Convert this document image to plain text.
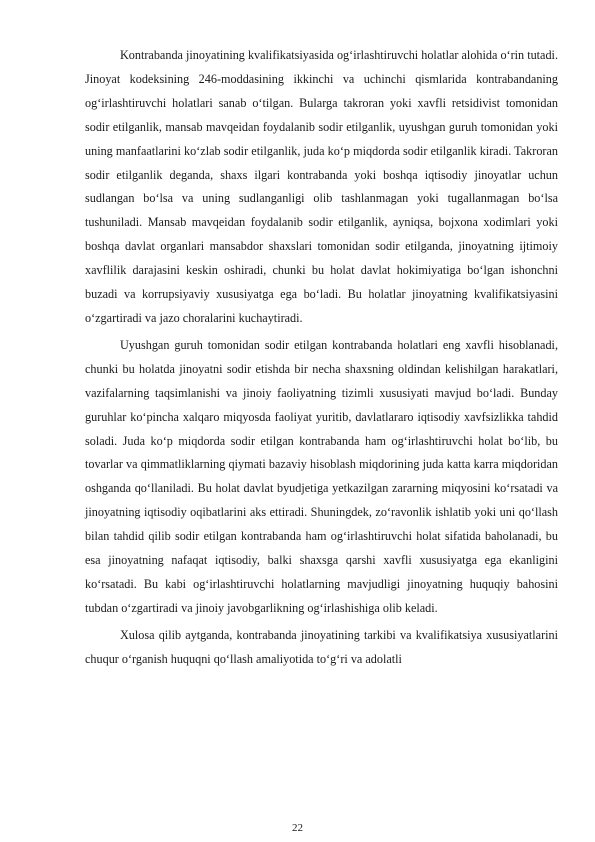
Kontrabanda jinoyatining kvalifikatsiyasida og‘irlashtiruvchi holatlar alohida o‘rin tutadi. Jinoyat kodeksining 246-moddasining ikkinchi va uchinchi qismlarida kontrabandaning og‘irlashtiruvchi holatlari sanab o‘tilgan. Bularga takroran yoki xavfli retsidivist tomonidan sodir etilganlik, mansab mavqeidan foydalanib sodir etilganlik, uyushgan guruh tomonidan yoki uning manfaatlarini ko‘zlab sodir etilganlik, juda ko‘p miqdorda sodir etilganlik kiradi. Takroran sodir etilganlik deganda, shaxs ilgari kontrabanda yoki boshqa iqtisodiy jinoyatlar uchun sudlangan bo‘lsa va uning sudlanganligi olib tashlanmagan yoki tugallanmagan bo‘lsa tushuniladi. Mansab mavqeidan foydalanib sodir etilganlik, ayniqsa, bojxona xodimlari yoki boshqa davlat organlari mansabdor shaxslari tomonidan sodir etilganda, jinoyatning ijtimoiy xavflilik darajasini keskin oshiradi, chunki bu holat davlat hokimiyatiga bo‘lgan ishonchni buzadi va korrupsiyaviy xususiyatga ega bo‘ladi. Bu holatlar jinoyatning kvalifikatsiyasini o‘zgartiradi va jazo choralarini kuchaytiradi.

Uyushgan guruh tomonidan sodir etilgan kontrabanda holatlari eng xavfli hisoblanadi, chunki bu holatda jinoyatni sodir etishda bir necha shaxsning oldindan kelishilgan harakatlari, vazifalarning taqsimlanishi va jinoiy faoliyatning tizimli xususiyati mavjud bo‘ladi. Bunday guruhlar ko‘pincha xalqaro miqyosda faoliyat yuritib, davlatlararo iqtisodiy xavfsizlikka tahdid soladi. Juda ko‘p miqdorda sodir etilgan kontrabanda ham og‘irlashtiruvchi holat bo‘lib, bu tovarlar va qimmatliklarning qiymati bazaviy hisoblash miqdorining juda katta karra miqdoridan oshganda qo‘llaniladi. Bu holat davlat byudjetiga yetkazilgan zararning miqyosini ko‘rsatadi va jinoyatning iqtisodiy oqibatlarini aks ettiradi. Shuningdek, zo‘ravonlik ishlatib yoki uni qo‘llash bilan tahdid qilib sodir etilgan kontrabanda ham og‘irlashtiruvchi holat sifatida baholanadi, bu esa jinoyatning nafaqat iqtisodiy, balki shaxsga qarshi xavfli xususiyatga ega ekanligini ko‘rsatadi. Bu kabi og‘irlashtiruvchi holatlarning mavjudligi jinoyatning huquqiy bahosini tubdan o‘zgartiradi va jinoiy javobgarlikning og‘irlashishiga olib keladi.

Xulosa qilib aytganda, kontrabanda jinoyatining tarkibi va kvalifikatsiya xususiyatlarini chuqur o‘rganish huquqni qo‘llash amaliyotida to‘g‘ri va adolatli

22
